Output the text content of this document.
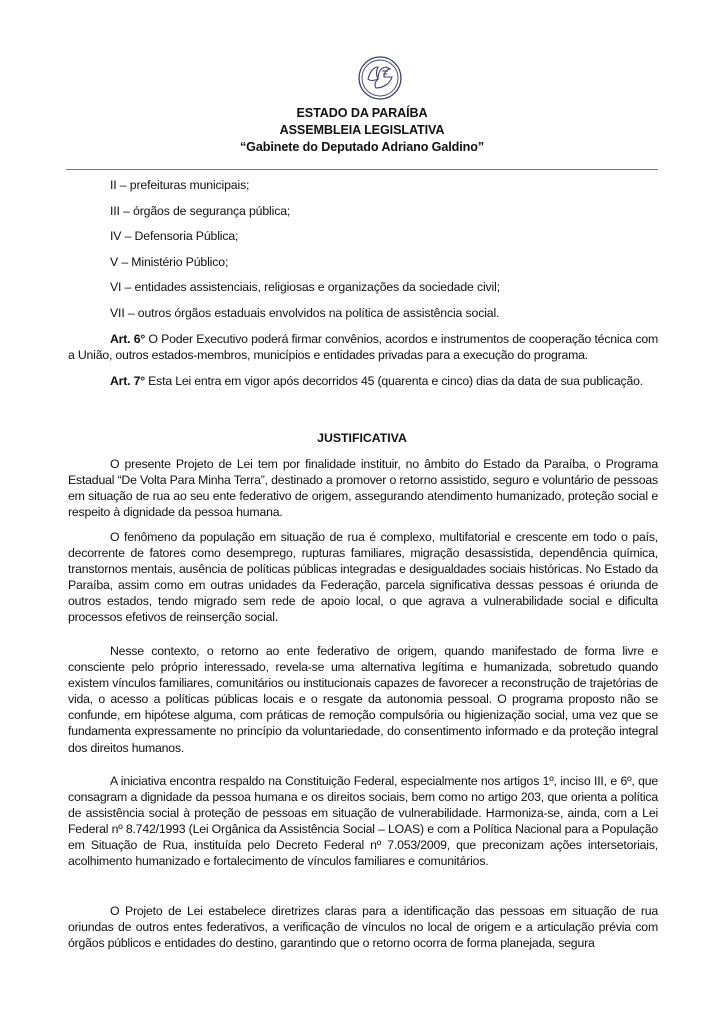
ESTADO DA PARAÍBA
ASSEMBLEIA LEGISLATIVA
“Gabinete do Deputado Adriano Galdino”
II – prefeituras municipais;
III – órgãos de segurança pública;
IV – Defensoria Pública;
V – Ministério Público;
VI – entidades assistenciais, religiosas e organizações da sociedade civil;
VII – outros órgãos estaduais envolvidos na política de assistência social.
Art. 6° O Poder Executivo poderá firmar convênios, acordos e instrumentos de cooperação técnica com a União, outros estados-membros, municípios e entidades privadas para a execução do programa.
Art. 7° Esta Lei entra em vigor após decorridos 45 (quarenta e cinco) dias da data de sua publicação.
JUSTIFICATIVA
O presente Projeto de Lei tem por finalidade instituir, no âmbito do Estado da Paraíba, o Programa Estadual “De Volta Para Minha Terra”, destinado a promover o retorno assistido, seguro e voluntário de pessoas em situação de rua ao seu ente federativo de origem, assegurando atendimento humanizado, proteção social e respeito à dignidade da pessoa humana.
O fenômeno da população em situação de rua é complexo, multifatorial e crescente em todo o país, decorrente de fatores como desemprego, rupturas familiares, migração desassistida, dependência química, transtornos mentais, ausência de políticas públicas integradas e desigualdades sociais históricas. No Estado da Paraíba, assim como em outras unidades da Federação, parcela significativa dessas pessoas é oriunda de outros estados, tendo migrado sem rede de apoio local, o que agrava a vulnerabilidade social e dificulta processos efetivos de reinserção social.
Nesse contexto, o retorno ao ente federativo de origem, quando manifestado de forma livre e consciente pelo próprio interessado, revela-se uma alternativa legítima e humanizada, sobretudo quando existem vínculos familiares, comunitários ou institucionais capazes de favorecer a reconstrução de trajetórias de vida, o acesso a políticas públicas locais e o resgate da autonomia pessoal. O programa proposto não se confunde, em hipótese alguma, com práticas de remoção compulsória ou higienização social, uma vez que se fundamenta expressamente no princípio da voluntariedade, do consentimento informado e da proteção integral dos direitos humanos.
A iniciativa encontra respaldo na Constituição Federal, especialmente nos artigos 1º, inciso III, e 6º, que consagram a dignidade da pessoa humana e os direitos sociais, bem como no artigo 203, que orienta a política de assistência social à proteção de pessoas em situação de vulnerabilidade. Harmoniza-se, ainda, com a Lei Federal nº 8.742/1993 (Lei Orgânica da Assistência Social – LOAS) e com a Política Nacional para a População em Situação de Rua, instituída pelo Decreto Federal nº 7.053/2009, que preconizam ações intersetoriais, acolhimento humanizado e fortalecimento de vínculos familiares e comunitários.
O Projeto de Lei estabelece diretrizes claras para a identificação das pessoas em situação de rua oriundas de outros entes federativos, a verificação de vínculos no local de origem e a articulação prévia com órgãos públicos e entidades do destino, garantindo que o retorno ocorra de forma planejada, segura
